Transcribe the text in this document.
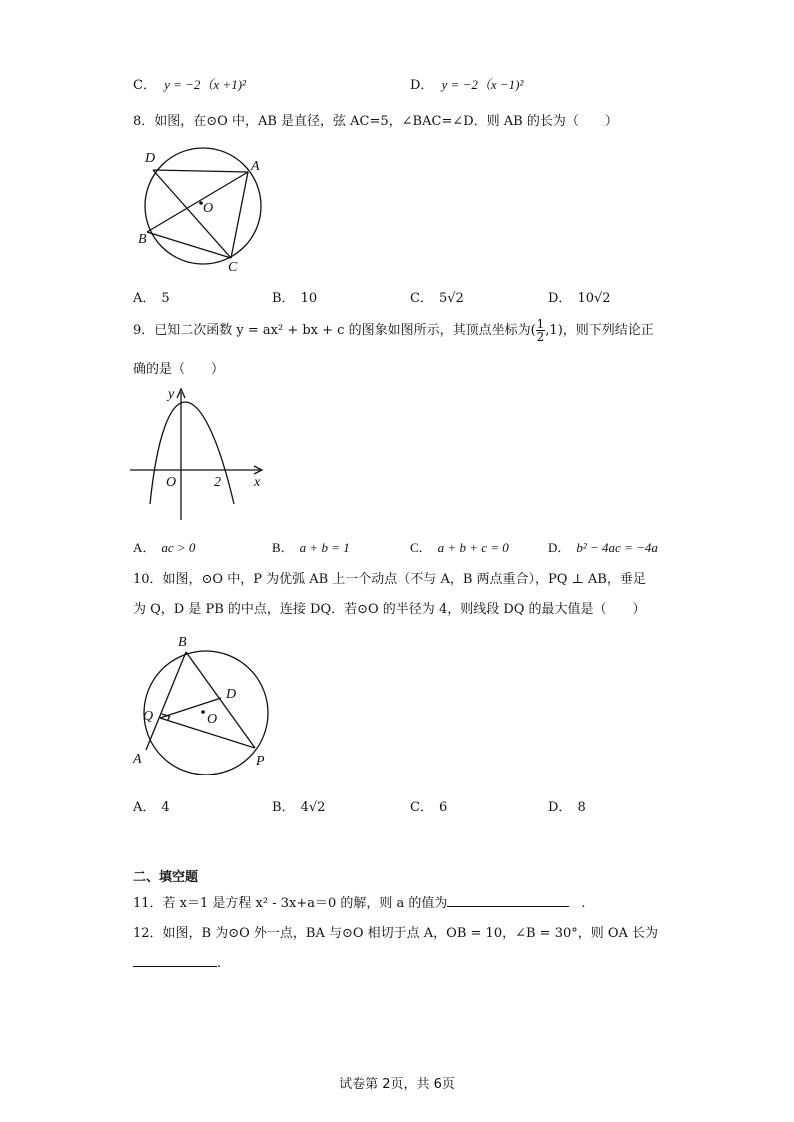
C． y = −2（x +1)²	D． y = −2（x −1)²
8．如图，在⊙O 中，AB 是直径，弦 AC=5，∠BAC=∠D．则 AB 的长为（　　）
D
A
O
B
C
A． 5	B． 10	C． 5√2	D． 10√2
9．已知二次函数 y = ax² + bx + c 的图象如图所示，其顶点坐标为( $\frac{1}{2} ,1$)，则下列结论正
确的是（　　）
y
x
O	2
A． ac > 0	B． a + b = 1	C． a + b + c = 0	D． b² − 4ac = −4a
10．如图，⊙O 中，P 为优弧 AB 上一个动点（不与 A，B 两点重合），PQ ⊥ AB，垂足
为 Q，D 是 PB 的中点，连接 DQ．若⊙O 的半径为 4，则线段 DQ 的最大值是（　　）
B
D
Q	O
A	P
A． 4	B． 4√2	C． 6	D． 8
二、填空题
11．若 x＝1 是方程 x² - 3x+a＝0 的解，则 a 的值为	.
12．如图，B 为⊙O 外一点，BA 与⊙O 相切于点 A，OB = 10，∠B = 30°，则 OA 长为
.
试卷第 2页，共 6页
